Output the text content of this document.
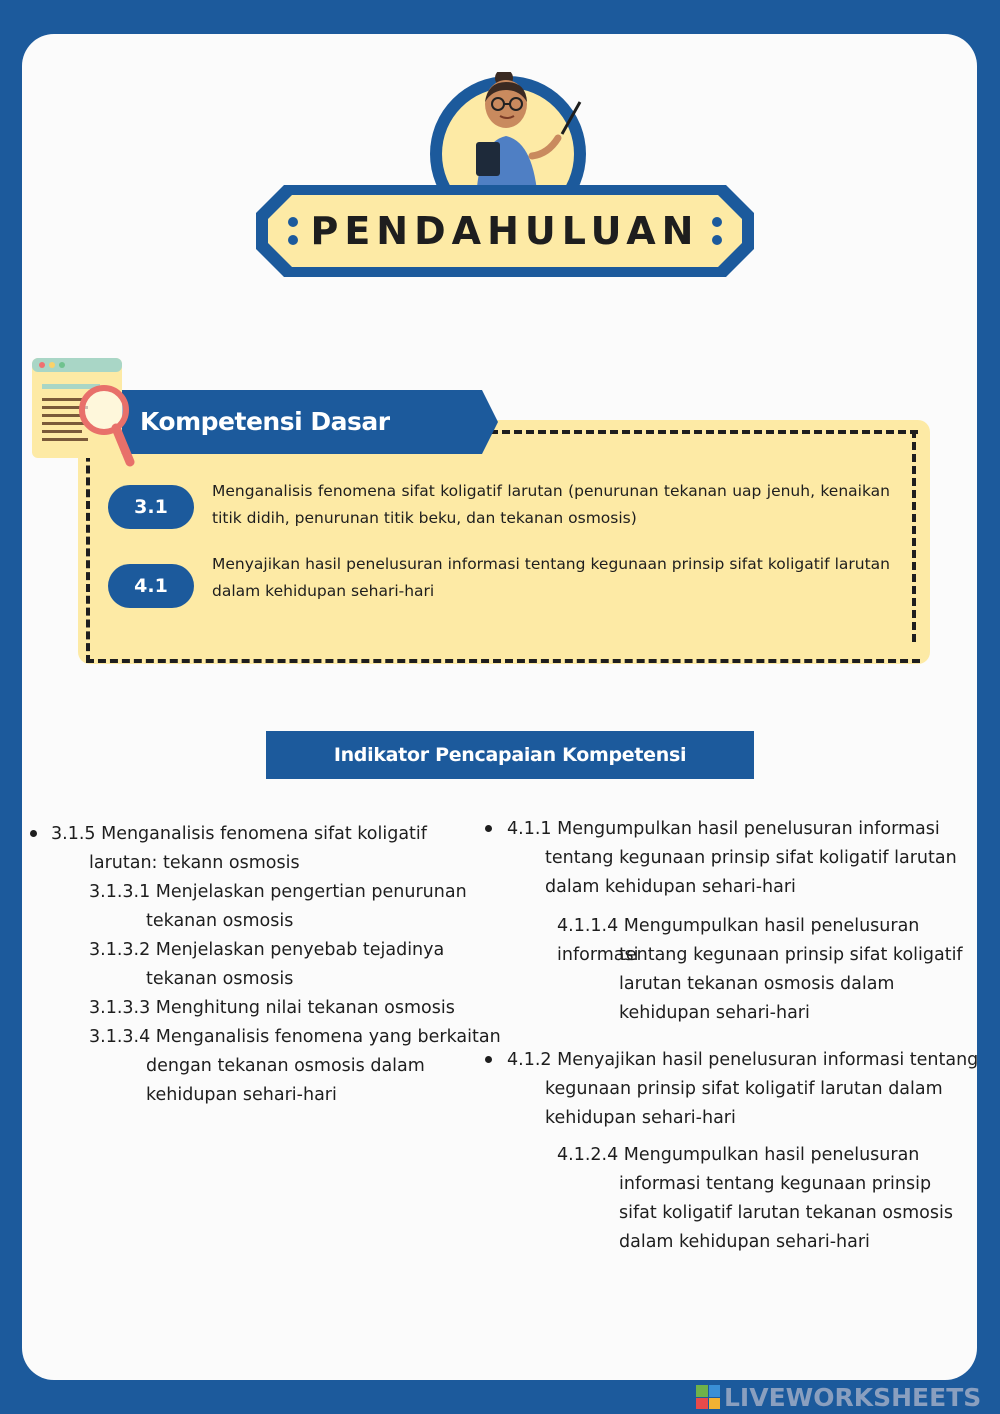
PENDAHULUAN
Kompetensi Dasar
3.1
Menganalisis fenomena sifat koligatif larutan (penurunan tekanan uap jenuh, kenaikan titik didih, penurunan titik beku, dan tekanan osmosis)
4.1
Menyajikan hasil penelusuran informasi tentang kegunaan prinsip sifat koligatif larutan dalam kehidupan sehari-hari
Indikator Pencapaian Kompetensi
3.1.5 Menganalisis fenomena sifat koligatif
larutan: tekann osmosis
3.1.3.1 Menjelaskan pengertian penurunan
tekanan osmosis
3.1.3.2 Menjelaskan penyebab tejadinya
tekanan osmosis
3.1.3.3 Menghitung nilai tekanan osmosis
3.1.3.4 Menganalisis fenomena yang berkaitan
dengan tekanan osmosis dalam
kehidupan sehari-hari
4.1.1 Mengumpulkan hasil penelusuran informasi
tentang kegunaan prinsip sifat koligatif larutan
dalam kehidupan sehari-hari
4.1.1.4 Mengumpulkan hasil penelusuran informasi
tentang kegunaan prinsip sifat koligatif
larutan tekanan osmosis dalam
kehidupan sehari-hari
4.1.2 Menyajikan hasil penelusuran informasi tentang
kegunaan prinsip sifat koligatif larutan dalam
kehidupan sehari-hari
4.1.2.4 Mengumpulkan hasil penelusuran
informasi tentang kegunaan prinsip
sifat koligatif larutan tekanan osmosis
dalam kehidupan sehari-hari
LIVEWORKSHEETS
